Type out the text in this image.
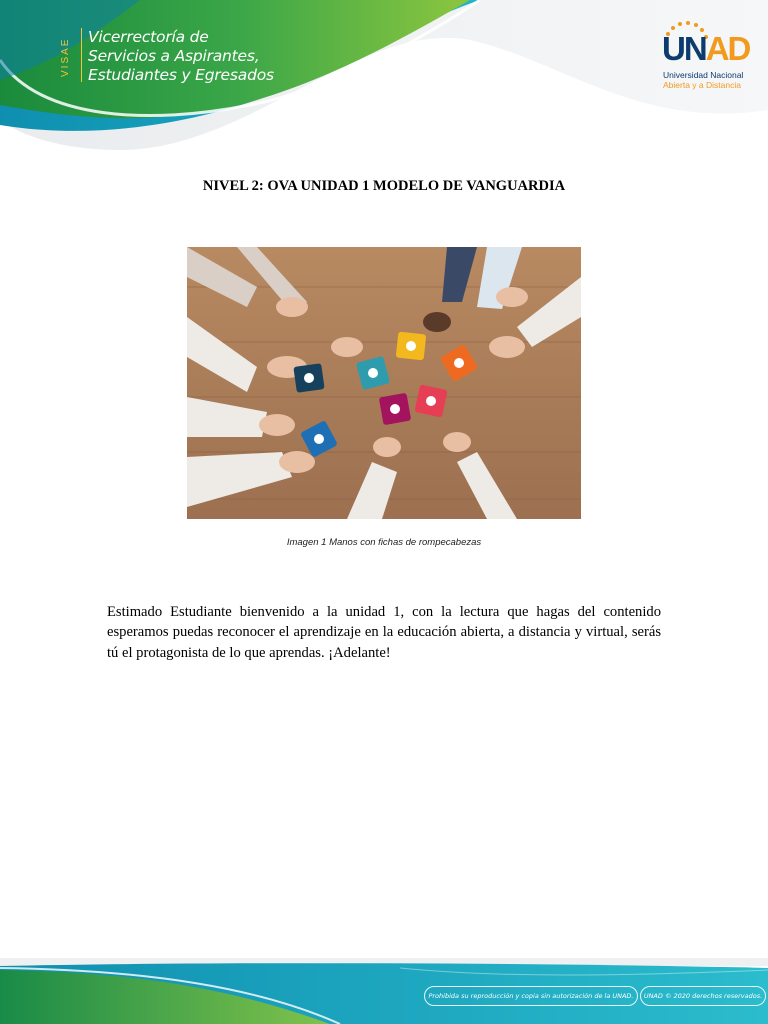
VISAE
Vicerrectoría de
Servicios a Aspirantes,
Estudiantes y Egresados
UNAD
Universidad Nacional
Abierta y a Distancia
NIVEL 2: OVA UNIDAD 1 MODELO DE VANGUARDIA
Imagen 1 Manos con fichas de rompecabezas
Estimado Estudiante bienvenido a la unidad 1, con la lectura que hagas del contenido esperamos puedas reconocer el aprendizaje en la educación abierta, a distancia y virtual, serás tú el protagonista de lo que aprendas. ¡Adelante!
Prohibida su reproducción y copia sin autorización de la UNAD.	UNAD © 2020 derechos reservados.
